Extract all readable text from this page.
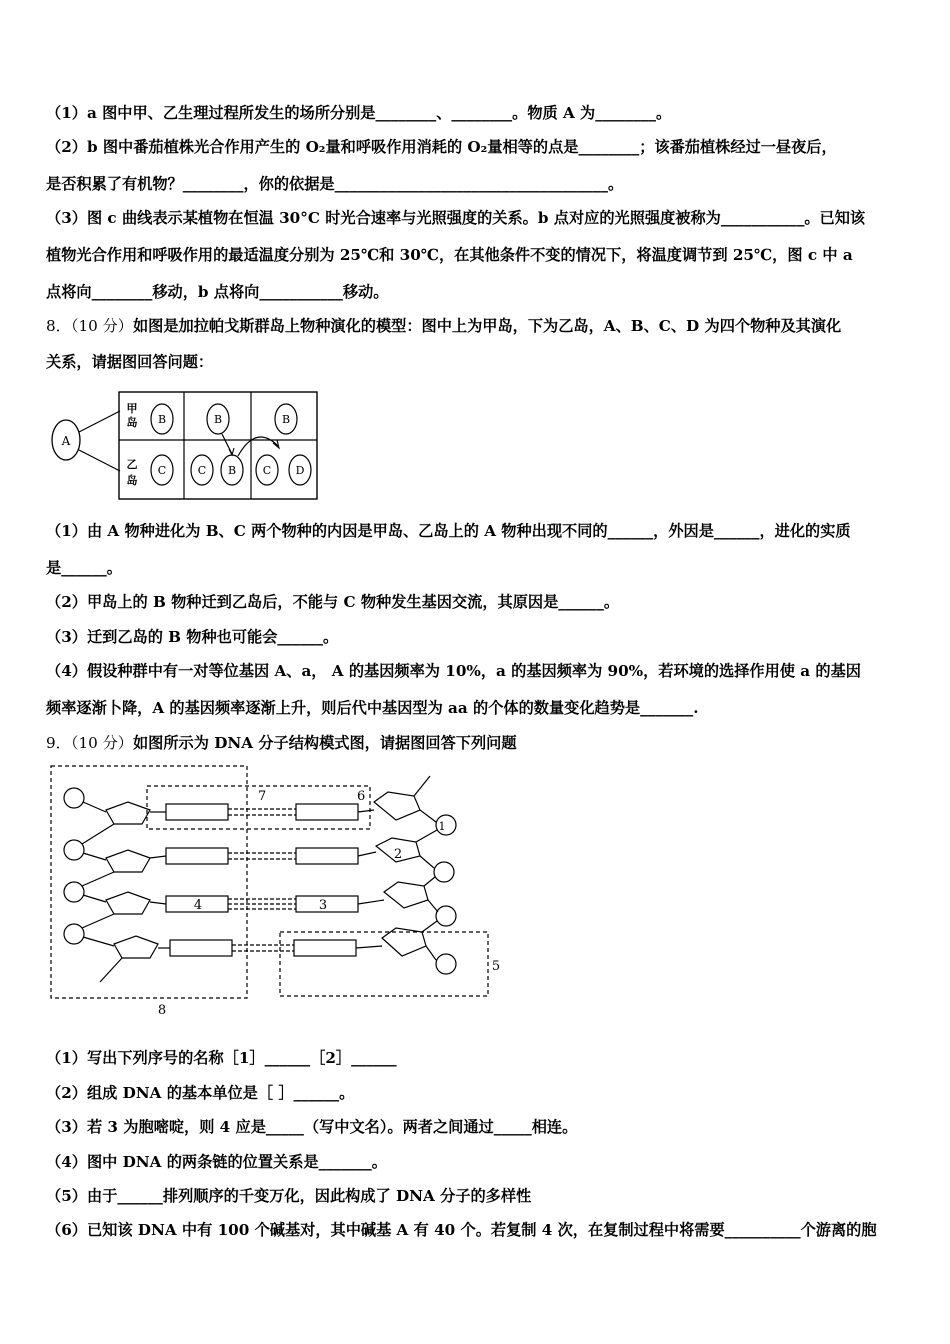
（1）a 图中甲、乙生理过程所发生的场所分别是________、________。物质 A 为________。
（2）b 图中番茄植株光合作用产生的 O₂量和呼吸作用消耗的 O₂量相等的点是________；该番茄植株经过一昼夜后，
是否积累了有机物？________，你的依据是____________________________________。
（3）图 c 曲线表示某植物在恒温 30°C 时光合速率与光照强度的关系。b 点对应的光照强度被称为___________。已知该
植物光合作用和呼吸作用的最适温度分别为 25℃和 30℃，在其他条件不变的情况下，将温度调节到 25℃，图 c 中 a
点将向________移动，b 点将向___________移动。
8．（10 分）如图是加拉帕戈斯群岛上物种演化的模型：图中上为甲岛，下为乙岛，A、B、C、D 为四个物种及其演化
关系，请据图回答问题：
A
甲
岛
乙
岛
B	B	B
C	C B C D
（1）由 A 物种进化为 B、C 两个物种的内因是甲岛、乙岛上的 A 物种出现不同的______，外因是______，进化的实质
是______。
（2）甲岛上的 B 物种迁到乙岛后，不能与 C 物种发生基因交流，其原因是______。
（3）迁到乙岛的 B 物种也可能会______。
（4）假设种群中有一对等位基因 A、a， A 的基因频率为 10%，a 的基因频率为 90%，若环境的选择作用使 a 的基因
频率逐渐卜降，A 的基因频率逐渐上升，则后代中基因型为 aa 的个体的数量变化趋势是_______.
9．（10 分）如图所示为 DNA 分子结构模式图，请据图回答下列问题
7	6
1
2
3
4
5
8
（1）写出下列序号的名称［1］______［2］______
（2）组成 DNA 的基本单位是［ ］______。
（3）若 3 为胞嘧啶，则 4 应是_____（写中文名）。两者之间通过_____相连。
（4）图中 DNA 的两条链的位置关系是_______。
（5）由于______排列顺序的千变万化，因此构成了 DNA 分子的多样性
（6）已知该 DNA 中有 100 个碱基对，其中碱基 A 有 40 个。若复制 4 次，在复制过程中将需要__________个游离的胞
